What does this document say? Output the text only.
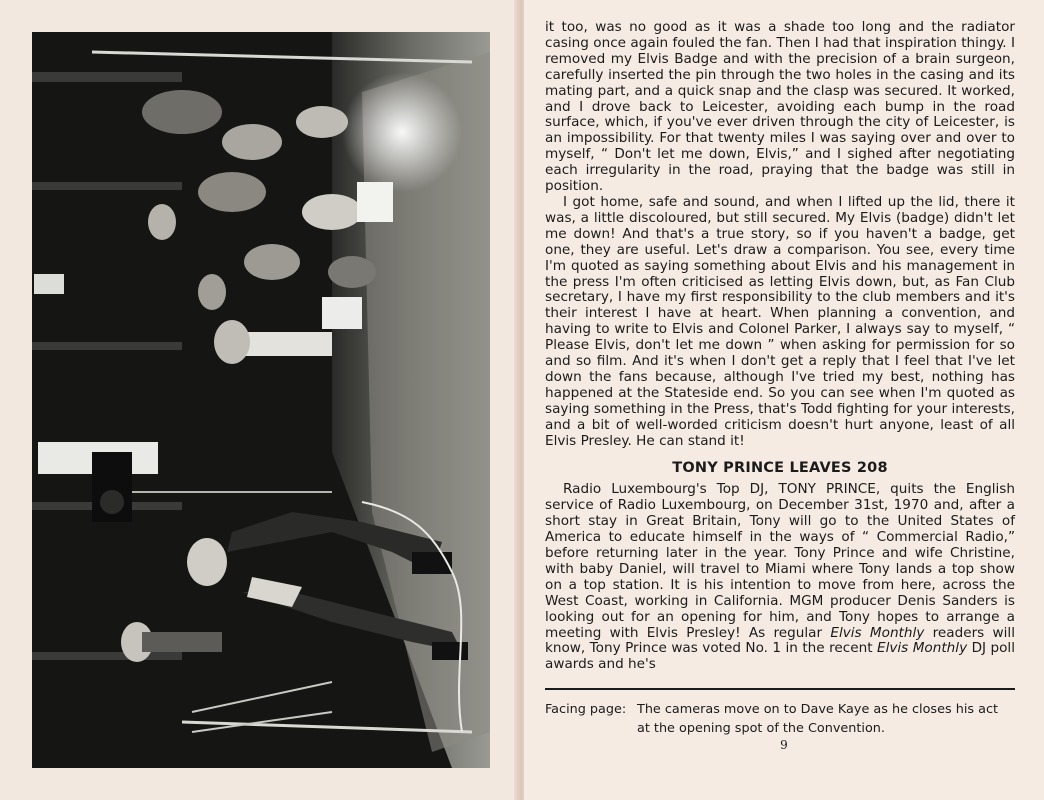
it too, was no good as it was a shade too long and the radiator casing once again fouled the fan. Then I had that inspiration thingy. I removed my Elvis Badge and with the precision of a brain surgeon, carefully inserted the pin through the two holes in the casing and its mating part, and a quick snap and the clasp was secured. It worked, and I drove back to Leicester, avoiding each bump in the road surface, which, if you've ever driven through the city of Leicester, is an impossibility. For that twenty miles I was saying over and over to myself, “ Don't let me down, Elvis,” and I sighed after negotiating each irregularity in the road, praying that the badge was still in position.

I got home, safe and sound, and when I lifted up the lid, there it was, a little discoloured, but still secured. My Elvis (badge) didn't let me down! And that's a true story, so if you haven't a badge, get one, they are useful. Let's draw a comparison. You see, every time I'm quoted as saying something about Elvis and his management in the press I'm often criticised as letting Elvis down, but, as Fan Club secretary, I have my first responsibility to the club members and it's their interest I have at heart. When planning a convention, and having to write to Elvis and Colonel Parker, I always say to myself, “ Please Elvis, don't let me down ” when asking for permission for so and so film. And it's when I don't get a reply that I feel that I've let down the fans because, although I've tried my best, nothing has happened at the Stateside end. So you can see when I'm quoted as saying something in the Press, that's Todd fighting for your interests, and a bit of well-worded criticism doesn't hurt anyone, least of all Elvis Presley. He can stand it!

TONY PRINCE LEAVES 208

Radio Luxembourg's Top DJ, TONY PRINCE, quits the English service of Radio Luxembourg, on December 31st, 1970 and, after a short stay in Great Britain, Tony will go to the United States of America to educate himself in the ways of “ Commercial Radio,” before returning later in the year. Tony Prince and wife Christine, with baby Daniel, will travel to Miami where Tony lands a top show on a top station. It is his intention to move from here, across the West Coast, working in California. MGM producer Denis Sanders is looking out for an opening for him, and Tony hopes to arrange a meeting with Elvis Presley! As regular Elvis Monthly readers will know, Tony Prince was voted No. 1 in the recent Elvis Monthly DJ poll awards and he's

Facing page: The cameras move on to Dave Kaye as he closes his act
at the opening spot of the Convention.
9
